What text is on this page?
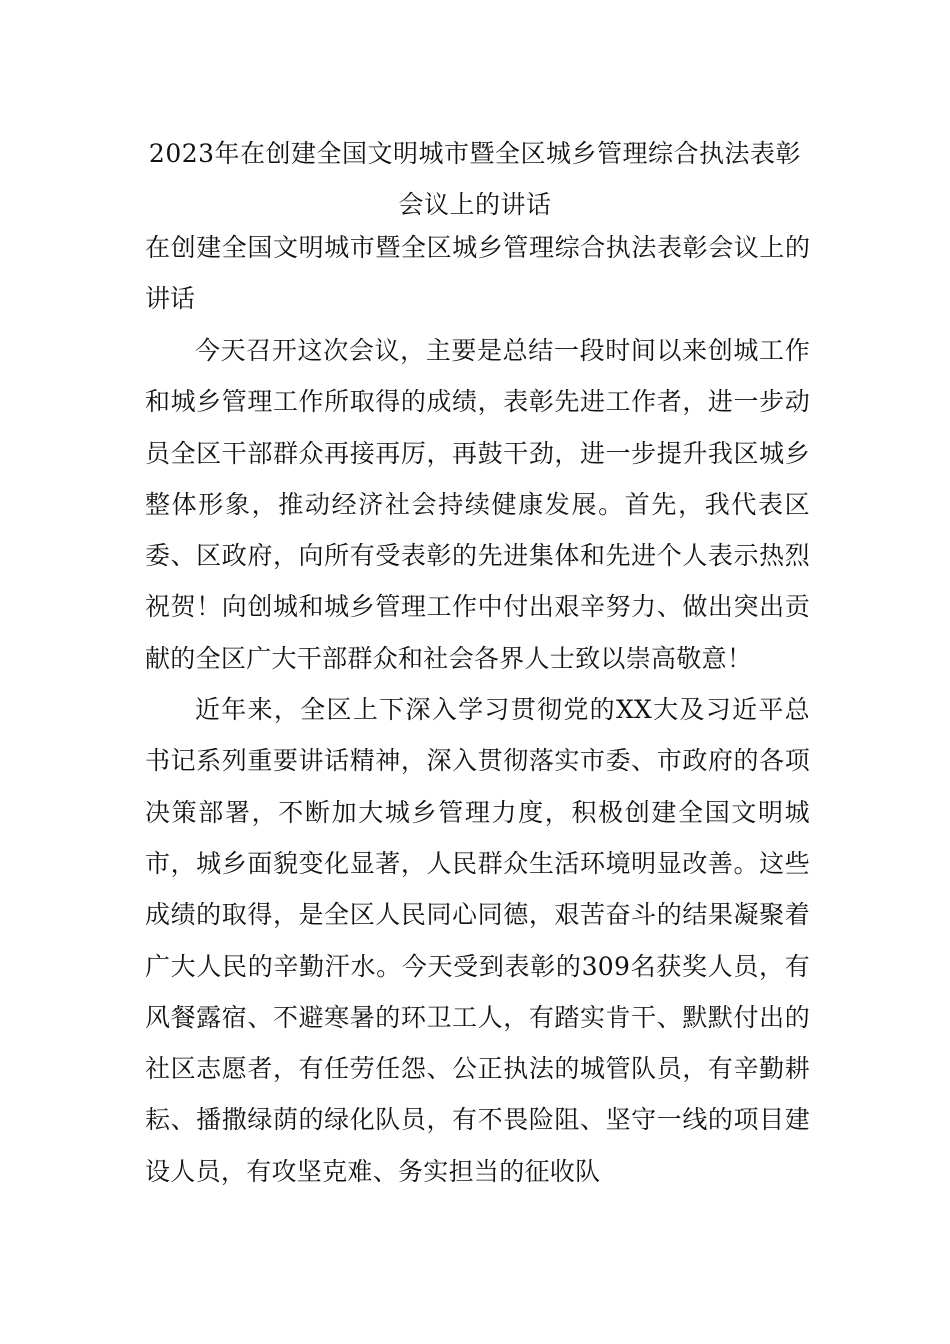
2023年在创建全国文明城市暨全区城乡管理综合执法表彰会议上的讲话
在创建全国文明城市暨全区城乡管理综合执法表彰会议上的讲话

今天召开这次会议，主要是总结一段时间以来创城工作和城乡管理工作所取得的成绩，表彰先进工作者，进一步动员全区干部群众再接再厉，再鼓干劲，进一步提升我区城乡整体形象，推动经济社会持续健康发展。首先，我代表区委、区政府，向所有受表彰的先进集体和先进个人表示热烈祝贺！向创城和城乡管理工作中付出艰辛努力、做出突出贡献的全区广大干部群众和社会各界人士致以崇高敬意！

近年来，全区上下深入学习贯彻党的XX大及习近平总书记系列重要讲话精神，深入贯彻落实市委、市政府的各项决策部署，不断加大城乡管理力度，积极创建全国文明城市，城乡面貌变化显著，人民群众生活环境明显改善。这些成绩的取得，是全区人民同心同德，艰苦奋斗的结果凝聚着广大人民的辛勤汗水。今天受到表彰的309名获奖人员，有风餐露宿、不避寒暑的环卫工人，有踏实肯干、默默付出的社区志愿者，有任劳任怨、公正执法的城管队员，有辛勤耕耘、播撒绿荫的绿化队员，有不畏险阻、坚守一线的项目建设人员，有攻坚克难、务实担当的征收队
